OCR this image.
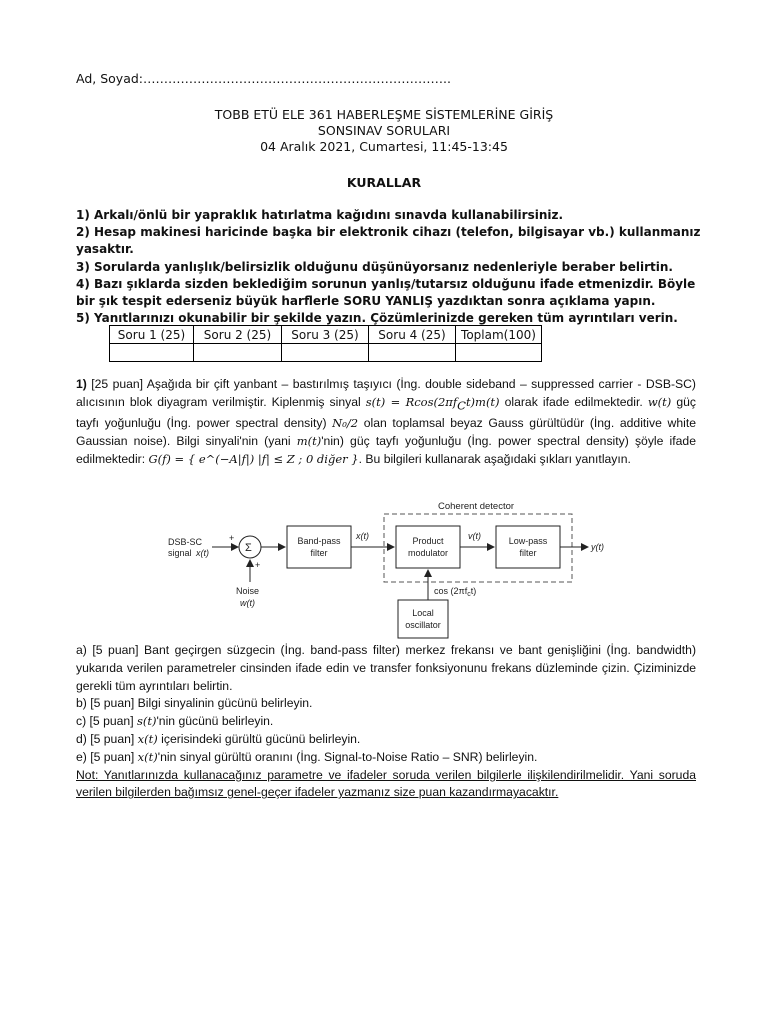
Ad, Soyad:………………………………………………………………..
TOBB ETÜ ELE 361 HABERLEŞME SİSTEMLERİNE GİRİŞ
SONSINAV SORULARI
04 Aralık 2021, Cumartesi, 11:45-13:45
KURALLAR

1) Arkalı/önlü bir yapraklık hatırlatma kağıdını sınavda kullanabilirsiniz.

2) Hesap makinesi haricinde başka bir elektronik cihazı (telefon, bilgisayar vb.) kullanmanız yasaktır.

3) Sorularda yanlışlık/belirsizlik olduğunu düşünüyorsanız nedenleriyle beraber belirtin.

4) Bazı şıklarda sizden beklediğim sorunun yanlış/tutarsız olduğunu ifade etmenizdir. Böyle bir şık tespit ederseniz büyük harflerle SORU YANLIŞ yazdıktan sonra açıklama yapın.

5) Yanıtlarınızı okunabilir bir şekilde yazın. Çözümlerinizde gereken tüm ayrıntıları verin.

Soru 1 (25)	Soru 2 (25)	Soru 3 (25)	Soru 4 (25)	Toplam(100)

1) [25 puan] Aşağıda bir çift yanbant – bastırılmış taşıyıcı (İng. double sideband – suppressed carrier - DSB-SC) alıcısının blok diyagram verilmiştir. Kiplenmiş sinyal $s(t) = Rcos(2\pi f_Ct)m(t)$ olarak ifade edilmektedir. w(t) güç tayfı yoğunluğu (İng. power spectral density) N₀/2 olan toplamsal beyaz Gauss gürültüdür (İng. additive white Gaussian noise). Bilgi sinyali'nin (yani m(t)'nin) güç tayfı yoğunluğu (İng. power spectral density) şöyle ifade edilmektedir: G(f) = { e^(−A|f|) |f| ≤ Z ; 0 diğer }. Bu bilgileri kullanarak aşağıdaki şıkları yanıtlayın.
Coherent detector
DSB-SC
signal x(t)
+
Σ
+
Noise
w(t)
Band-pass
filter
x(t)	Product
modulator
v(t)	Low-pass
filter
y(t)
Local
oscillator
$\cos (2\pi f_ct)$

a) [5 puan] Bant geçirgen süzgecin (İng. band-pass filter) merkez frekansı ve bant genişliğini (İng. bandwidth) yukarıda verilen parametreler cinsinden ifade edin ve transfer fonksiyonunu frekans düzleminde çizin. Çiziminizde gerekli tüm ayrıntıları belirtin.

b) [5 puan] Bilgi sinyalinin gücünü belirleyin.

c) [5 puan] s(t)'nin gücünü belirleyin.

d) [5 puan] x(t) içerisindeki gürültü gücünü belirleyin.

e) [5 puan] x(t)'nin sinyal gürültü oranını (İng. Signal-to-Noise Ratio – SNR) belirleyin.

Not: Yanıtlarınızda kullanacağınız parametre ve ifadeler soruda verilen bilgilerle ilişkilendirilmelidir. Yani soruda verilen bilgilerden bağımsız genel-geçer ifadeler yazmanız size puan kazandırmayacaktır.
